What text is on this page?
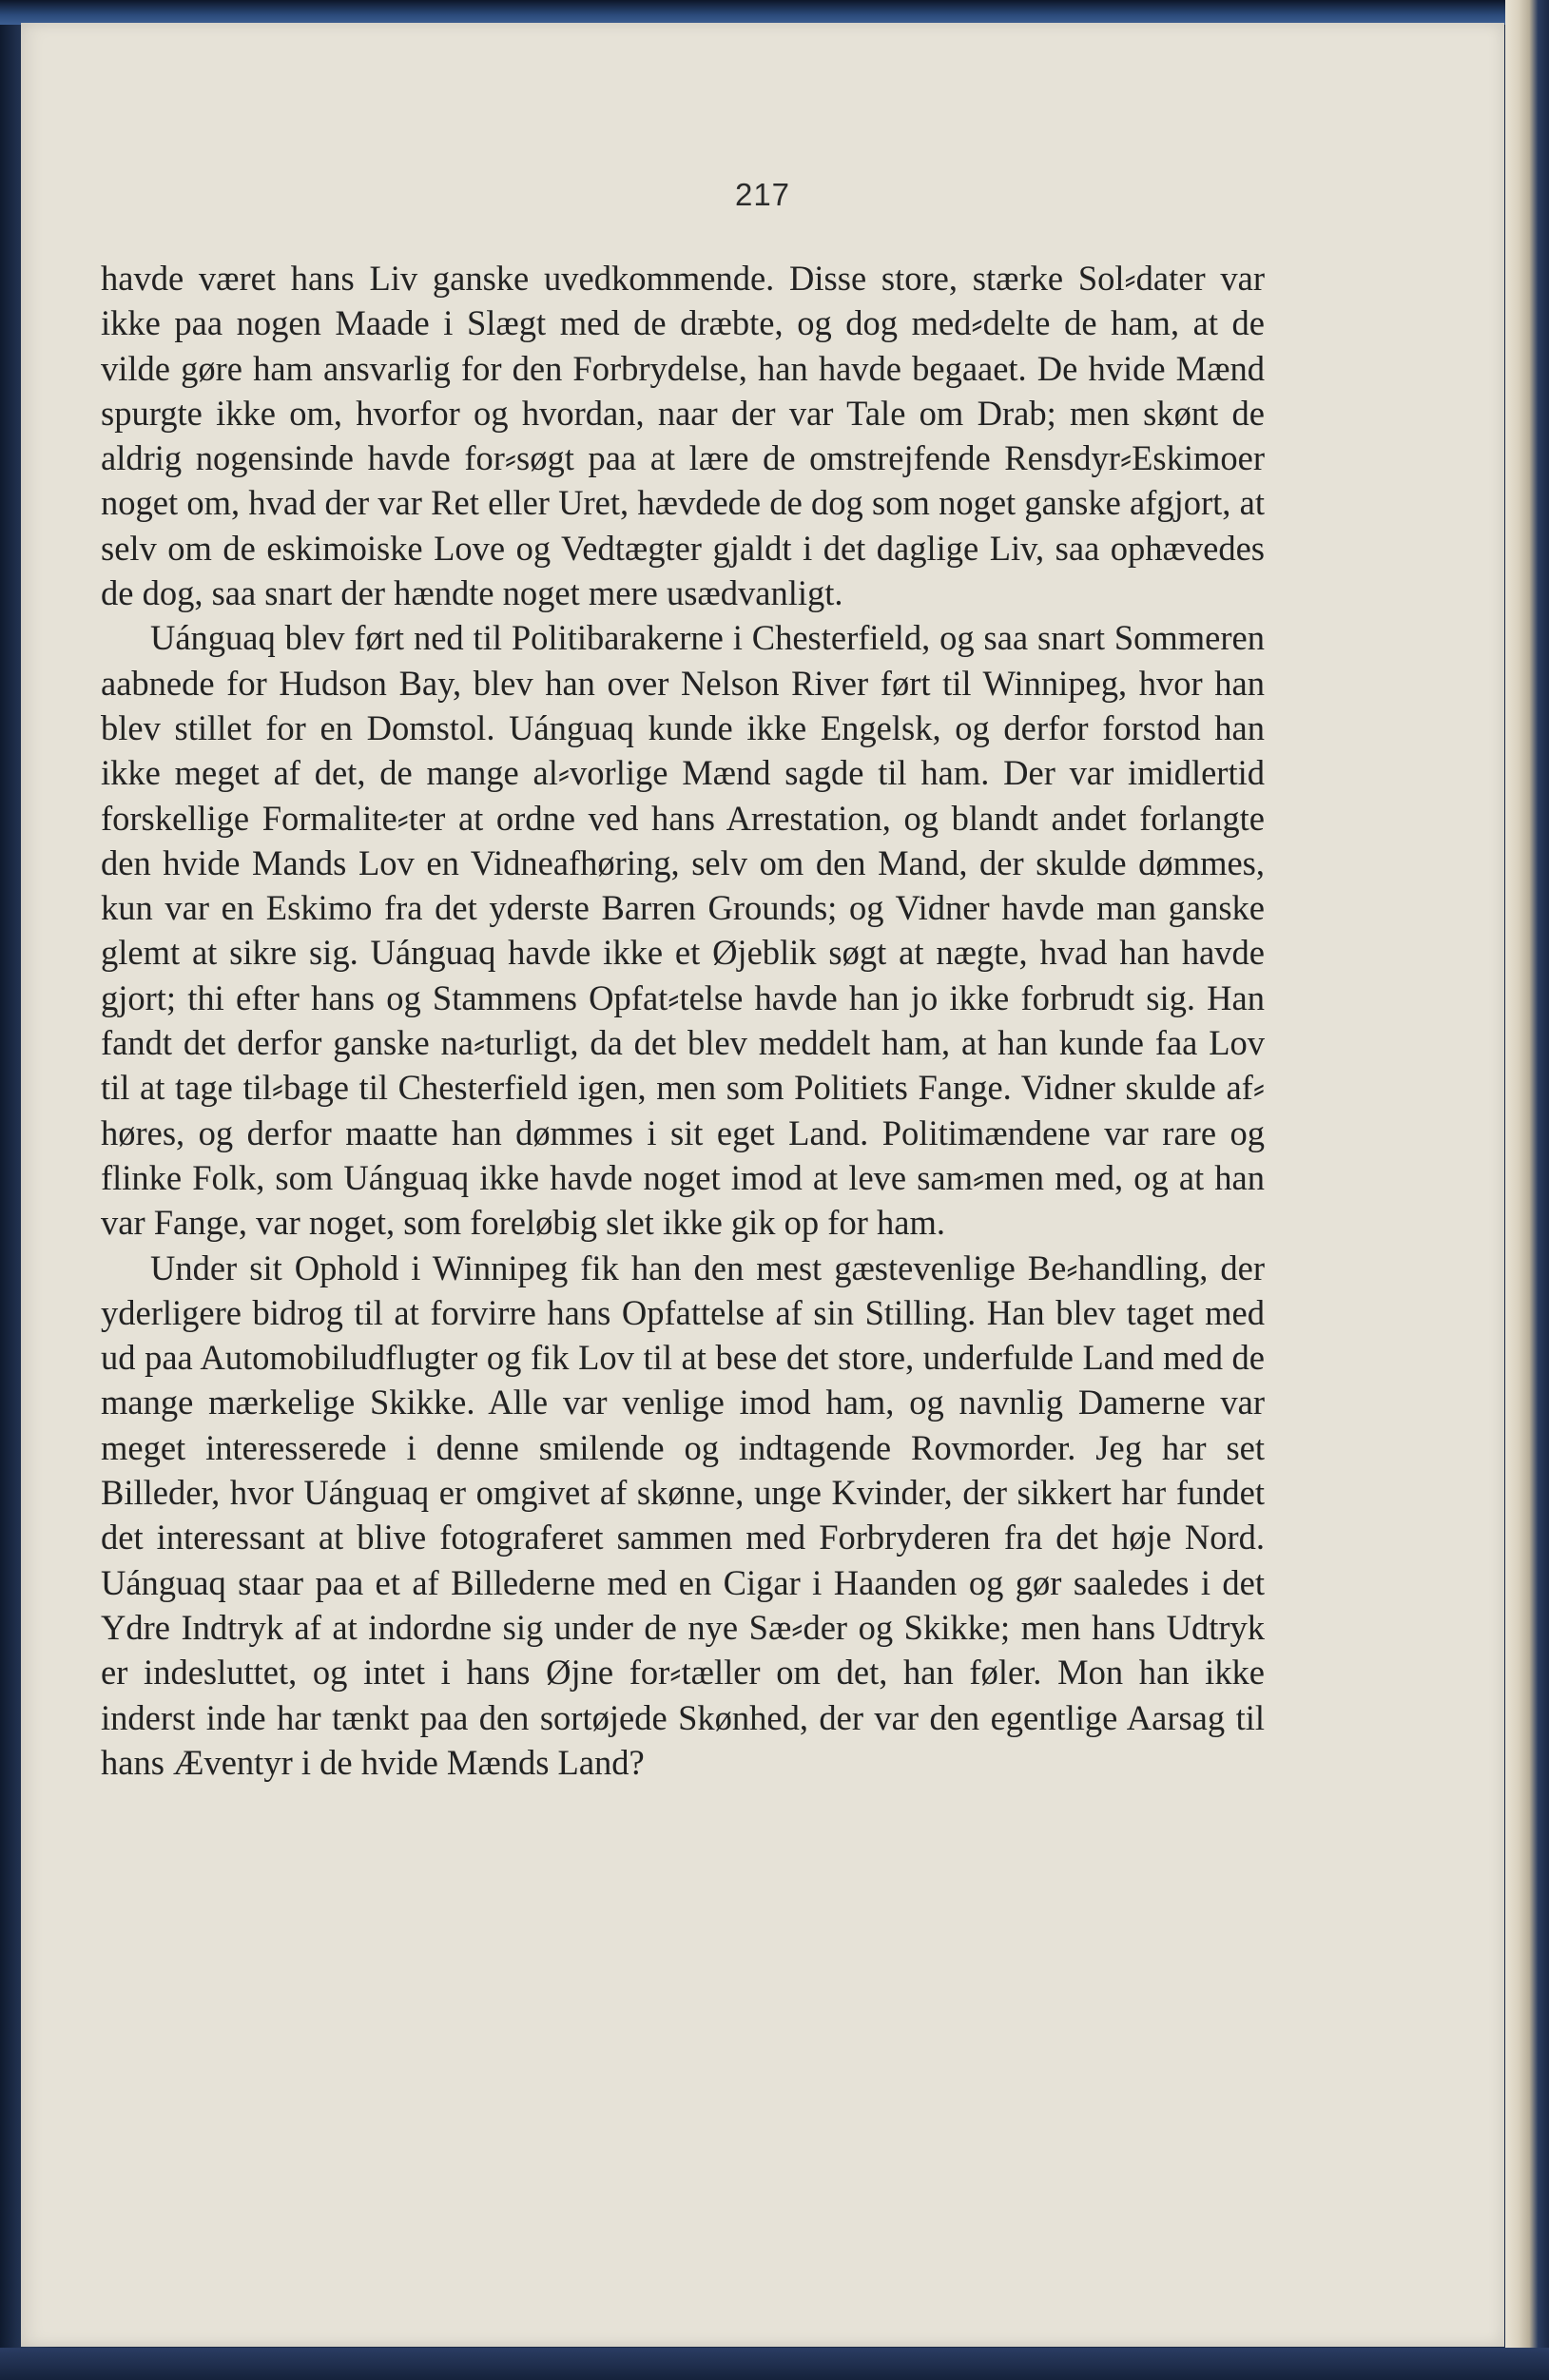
217

havde været hans Liv ganske uvedkommende. Disse store, stærke Sol⸗dater var ikke paa nogen Maade i Slægt med de dræbte, og dog med⸗delte de ham, at de vilde gøre ham ansvarlig for den Forbrydelse, han havde begaaet. De hvide Mænd spurgte ikke om, hvorfor og hvordan, naar der var Tale om Drab; men skønt de aldrig nogensinde havde for⸗søgt paa at lære de omstrejfende Rensdyr⸗Eskimoer noget om, hvad der var Ret eller Uret, hævdede de dog som noget ganske afgjort, at selv om de eskimoiske Love og Vedtægter gjaldt i det daglige Liv, saa ophævedes de dog, saa snart der hændte noget mere usædvanligt.

Uánguaq blev ført ned til Politibarakerne i Chesterfield, og saa snart Sommeren aabnede for Hudson Bay, blev han over Nelson River ført til Winnipeg, hvor han blev stillet for en Domstol. Uánguaq kunde ikke Engelsk, og derfor forstod han ikke meget af det, de mange al⸗vorlige Mænd sagde til ham. Der var imidlertid forskellige Formalite⸗ter at ordne ved hans Arrestation, og blandt andet forlangte den hvide Mands Lov en Vidneafhøring, selv om den Mand, der skulde dømmes, kun var en Eskimo fra det yderste Barren Grounds; og Vidner havde man ganske glemt at sikre sig. Uánguaq havde ikke et Øjeblik søgt at nægte, hvad han havde gjort; thi efter hans og Stammens Opfat⸗telse havde han jo ikke forbrudt sig. Han fandt det derfor ganske na⸗turligt, da det blev meddelt ham, at han kunde faa Lov til at tage til⸗bage til Chesterfield igen, men som Politiets Fange. Vidner skulde af⸗høres, og derfor maatte han dømmes i sit eget Land. Politimændene var rare og flinke Folk, som Uánguaq ikke havde noget imod at leve sam⸗men med, og at han var Fange, var noget, som foreløbig slet ikke gik op for ham.

Under sit Ophold i Winnipeg fik han den mest gæstevenlige Be⸗handling, der yderligere bidrog til at forvirre hans Opfattelse af sin Stilling. Han blev taget med ud paa Automobiludflugter og fik Lov til at bese det store, underfulde Land med de mange mærkelige Skikke. Alle var venlige imod ham, og navnlig Damerne var meget interesserede i denne smilende og indtagende Rovmorder. Jeg har set Billeder, hvor Uánguaq er omgivet af skønne, unge Kvinder, der sikkert har fundet det interessant at blive fotograferet sammen med Forbryderen fra det høje Nord. Uánguaq staar paa et af Billederne med en Cigar i Haanden og gør saaledes i det Ydre Indtryk af at indordne sig under de nye Sæ⸗der og Skikke; men hans Udtryk er indesluttet, og intet i hans Øjne for⸗tæller om det, han føler. Mon han ikke inderst inde har tænkt paa den sortøjede Skønhed, der var den egentlige Aarsag til hans Æventyr i de hvide Mænds Land?
